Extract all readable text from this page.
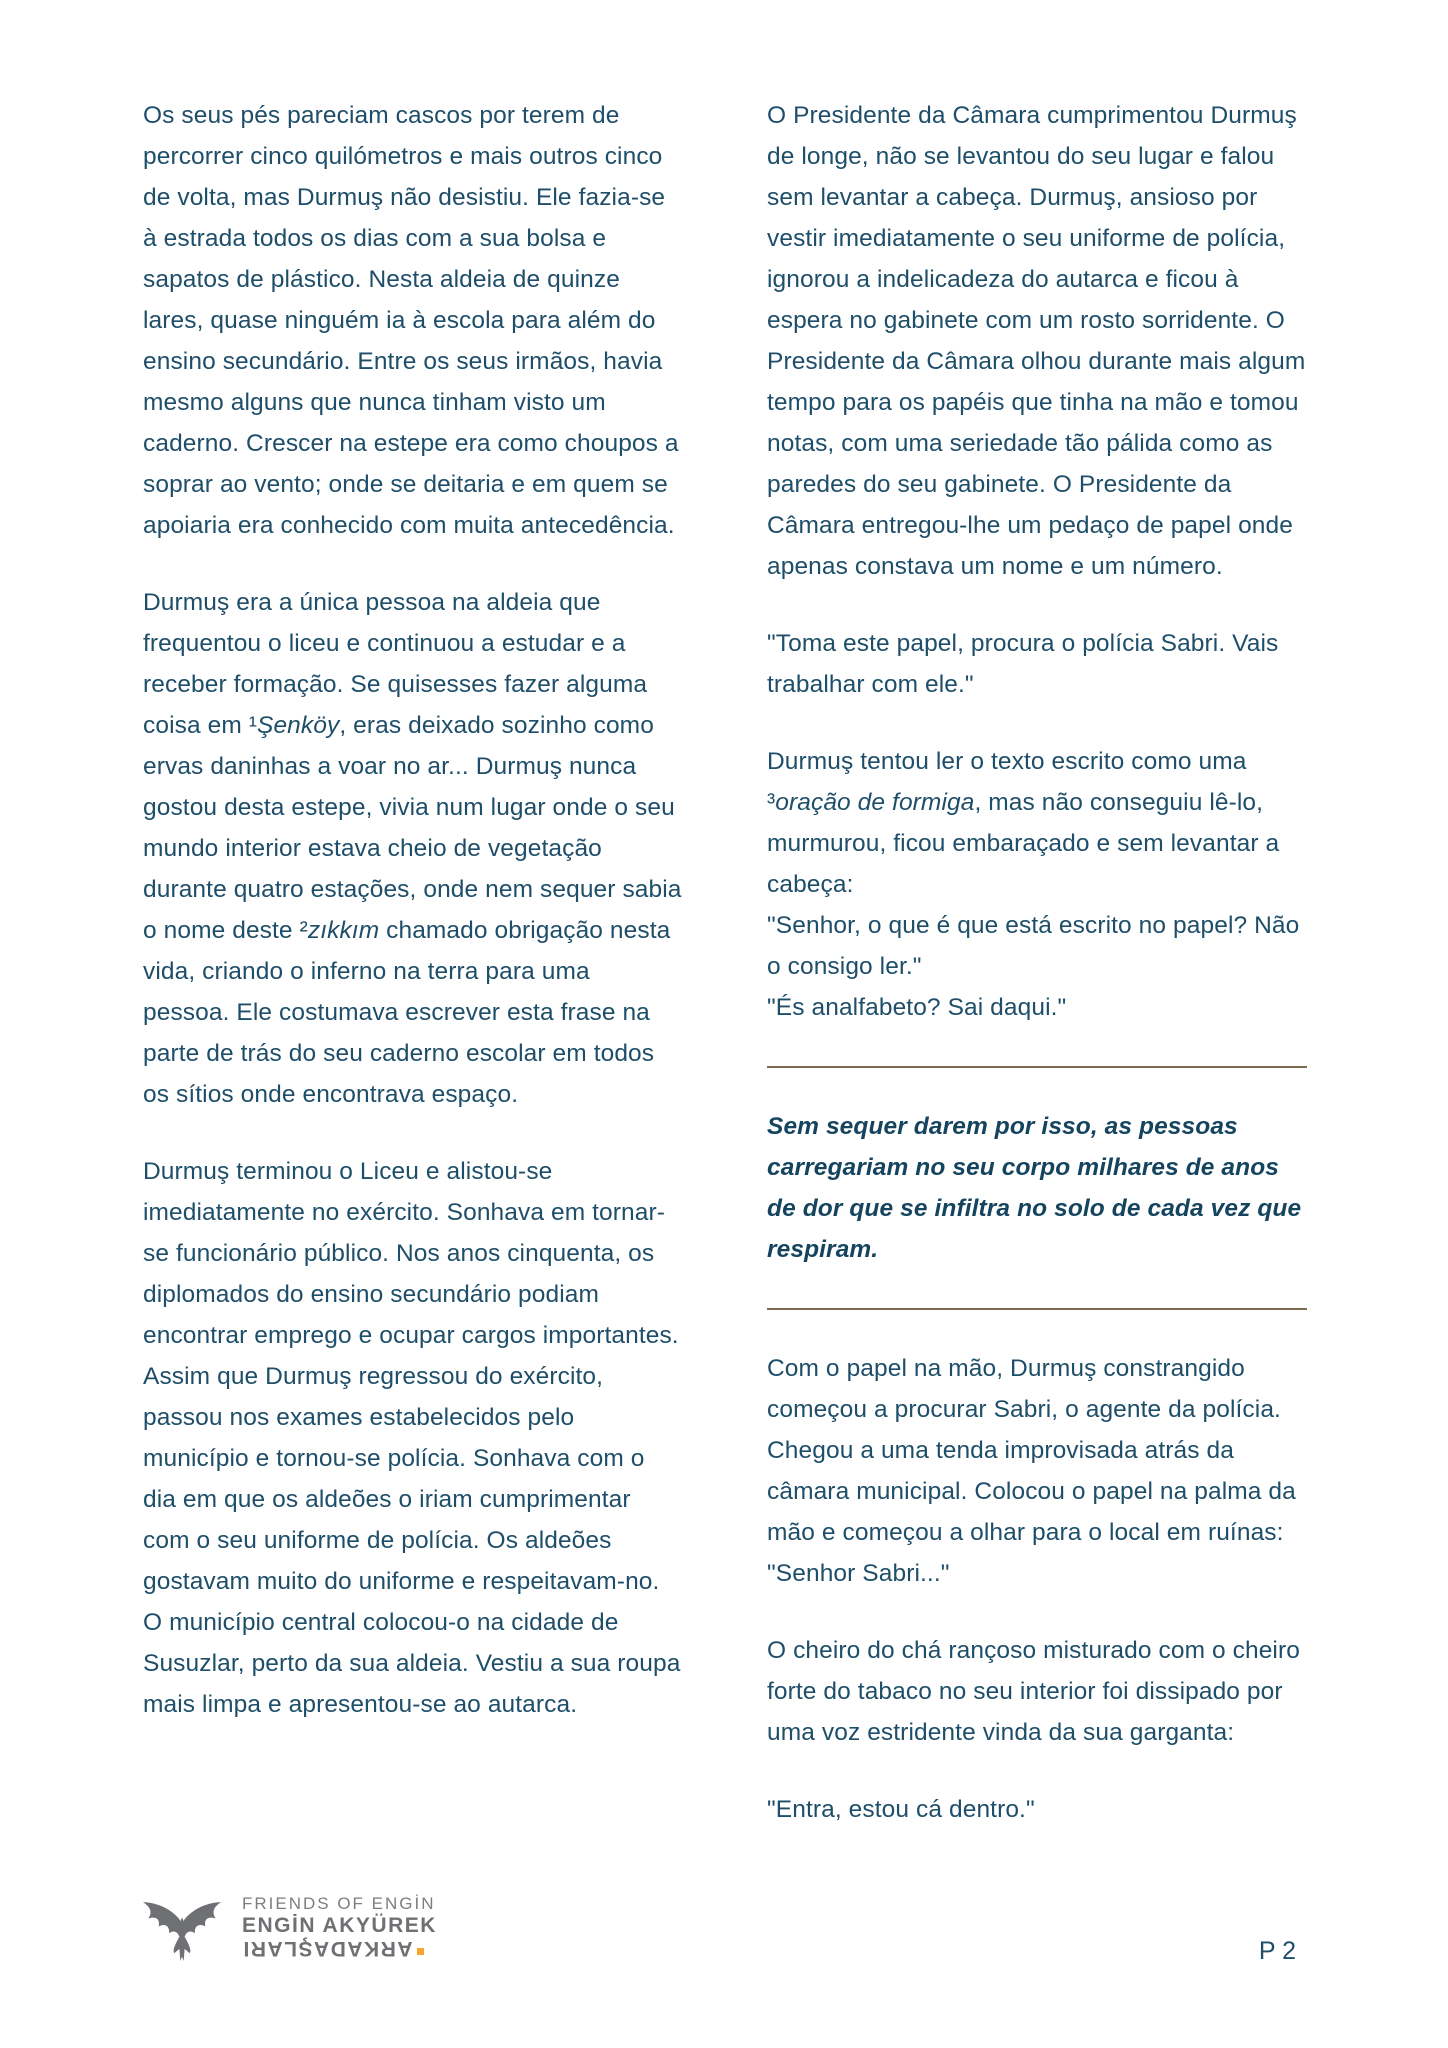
Os seus pés pareciam cascos por terem de percorrer cinco quilómetros e mais outros cinco de volta, mas Durmuş não desistiu. Ele fazia-se à estrada todos os dias com a sua bolsa e sapatos de plástico. Nesta aldeia de quinze lares, quase ninguém ia à escola para além do ensino secundário. Entre os seus irmãos, havia mesmo alguns que nunca tinham visto um caderno. Crescer na estepe era como choupos a soprar ao vento; onde se deitaria e em quem se apoiaria era conhecido com muita antecedência.

Durmuş era a única pessoa na aldeia que frequentou o liceu e continuou a estudar e a receber formação. Se quisesses fazer alguma coisa em ¹Şenköy, eras deixado sozinho como ervas daninhas a voar no ar... Durmuş nunca gostou desta estepe, vivia num lugar onde o seu mundo interior estava cheio de vegetação durante quatro estações, onde nem sequer sabia o nome deste ²zıkkım chamado obrigação nesta vida, criando o inferno na terra para uma pessoa. Ele costumava escrever esta frase na parte de trás do seu caderno escolar em todos os sítios onde encontrava espaço.

Durmuş terminou o Liceu e alistou-se imediatamente no exército. Sonhava em tornar-se funcionário público. Nos anos cinquenta, os diplomados do ensino secundário podiam encontrar emprego e ocupar cargos importantes. Assim que Durmuş regressou do exército, passou nos exames estabelecidos pelo município e tornou-se polícia. Sonhava com o dia em que os aldeões o iriam cumprimentar com o seu uniforme de polícia. Os aldeões gostavam muito do uniforme e respeitavam-no. O município central colocou-o na cidade de Susuzlar, perto da sua aldeia. Vestiu a sua roupa mais limpa e apresentou-se ao autarca.

O Presidente da Câmara cumprimentou Durmuş de longe, não se levantou do seu lugar e falou sem levantar a cabeça. Durmuş, ansioso por vestir imediatamente o seu uniforme de polícia, ignorou a indelicadeza do autarca e ficou à espera no gabinete com um rosto sorridente. O Presidente da Câmara olhou durante mais algum tempo para os papéis que tinha na mão e tomou notas, com uma seriedade tão pálida como as paredes do seu gabinete. O Presidente da Câmara entregou-lhe um pedaço de papel onde apenas constava um nome e um número.

"Toma este papel, procura o polícia Sabri. Vais trabalhar com ele."

Durmuş tentou ler o texto escrito como uma ³oração de formiga, mas não conseguiu lê-lo, murmurou, ficou embaraçado e sem levantar a cabeça:

"Senhor, o que é que está escrito no papel? Não o consigo ler."

"És analfabeto? Sai daqui."

Sem sequer darem por isso, as pessoas carregariam no seu corpo milhares de anos de dor que se infiltra no solo de cada vez que respiram.

Com o papel na mão, Durmuş constrangido começou a procurar Sabri, o agente da polícia. Chegou a uma tenda improvisada atrás da câmara municipal. Colocou o papel na palma da mão e começou a olhar para o local em ruínas:

"Senhor Sabri..."

O cheiro do chá rançoso misturado com o cheiro forte do tabaco no seu interior foi dissipado por uma voz estridente vinda da sua garganta:

"Entra, estou cá dentro."

FRIENDS OF ENGİN
ENGİN AKYÜREK
ARKADAŞLARI	P 2
